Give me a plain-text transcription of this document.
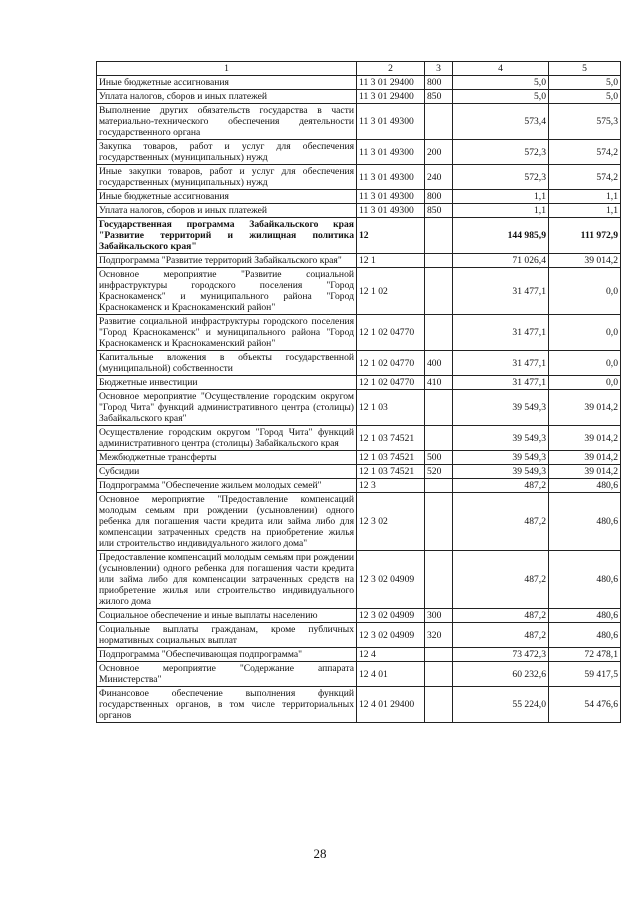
1	2	3	4	5
Иные бюджетные ассигнования	11 3 01 29400	800	5,0	5,0
Уплата налогов, сборов и иных платежей	11 3 01 29400	850	5,0	5,0
Выполнение других обязательств государства в части материально-технического обеспечения деятельности государственного органа	11 3 01 49300		573,4	575,3
Закупка товаров, работ и услуг для обеспечения государственных (муниципальных) нужд	11 3 01 49300	200	572,3	574,2
Иные закупки товаров, работ и услуг для обеспечения государственных (муниципальных) нужд	11 3 01 49300	240	572,3	574,2
Иные бюджетные ассигнования	11 3 01 49300	800	1,1	1,1
Уплата налогов, сборов и иных платежей	11 3 01 49300	850	1,1	1,1
Государственная программа Забайкальского края "Развитие территорий и жилищная политика Забайкальского края"	12		144 985,9	111 972,9
Подпрограмма "Развитие территорий Забайкальского края"	12 1		71 026,4	39 014,2
Основное мероприятие "Развитие социальной инфраструктуры городского поселения "Город Краснокаменск" и муниципального района "Город Краснокаменск и Краснокаменский район"	12 1 02		31 477,1	0,0
Развитие социальной инфраструктуры городского поселения "Город Краснокаменск" и муниципального района "Город Краснокаменск и Краснокаменский район"	12 1 02 04770		31 477,1	0,0
Капитальные вложения в объекты государственной (муниципальной) собственности	12 1 02 04770	400	31 477,1	0,0
Бюджетные инвестиции	12 1 02 04770	410	31 477,1	0,0
Основное мероприятие "Осуществление городским округом "Город Чита" функций административного центра (столицы) Забайкальского края"	12 1 03		39 549,3	39 014,2
Осуществление городским округом "Город Чита" функций административного центра (столицы) Забайкальского края	12 1 03 74521		39 549,3	39 014,2
Межбюджетные трансферты	12 1 03 74521	500	39 549,3	39 014,2
Субсидии	12 1 03 74521	520	39 549,3	39 014,2
Подпрограмма "Обеспечение жильем молодых семей"	12 3		487,2	480,6
Основное мероприятие "Предоставление компенсаций молодым семьям при рождении (усыновлении) одного ребенка для погашения части кредита или займа либо для компенсации затраченных средств на приобретение жилья или строительство индивидуального жилого дома"	12 3 02		487,2	480,6
Предоставление компенсаций молодым семьям при рождении (усыновлении) одного ребенка для погашения части кредита или займа либо для компенсации затраченных средств на приобретение жилья или строительство индивидуального жилого дома	12 3 02 04909		487,2	480,6
Социальное обеспечение и иные выплаты населению	12 3 02 04909	300	487,2	480,6
Социальные выплаты гражданам, кроме публичных нормативных социальных выплат	12 3 02 04909	320	487,2	480,6
Подпрограмма "Обеспечивающая подпрограмма"	12 4		73 472,3	72 478,1
Основное мероприятие "Содержание аппарата Министерства"	12 4 01		60 232,6	59 417,5
Финансовое обеспечение выполнения функций государственных органов, в том числе территориальных органов	12 4 01 29400		55 224,0	54 476,6
28
